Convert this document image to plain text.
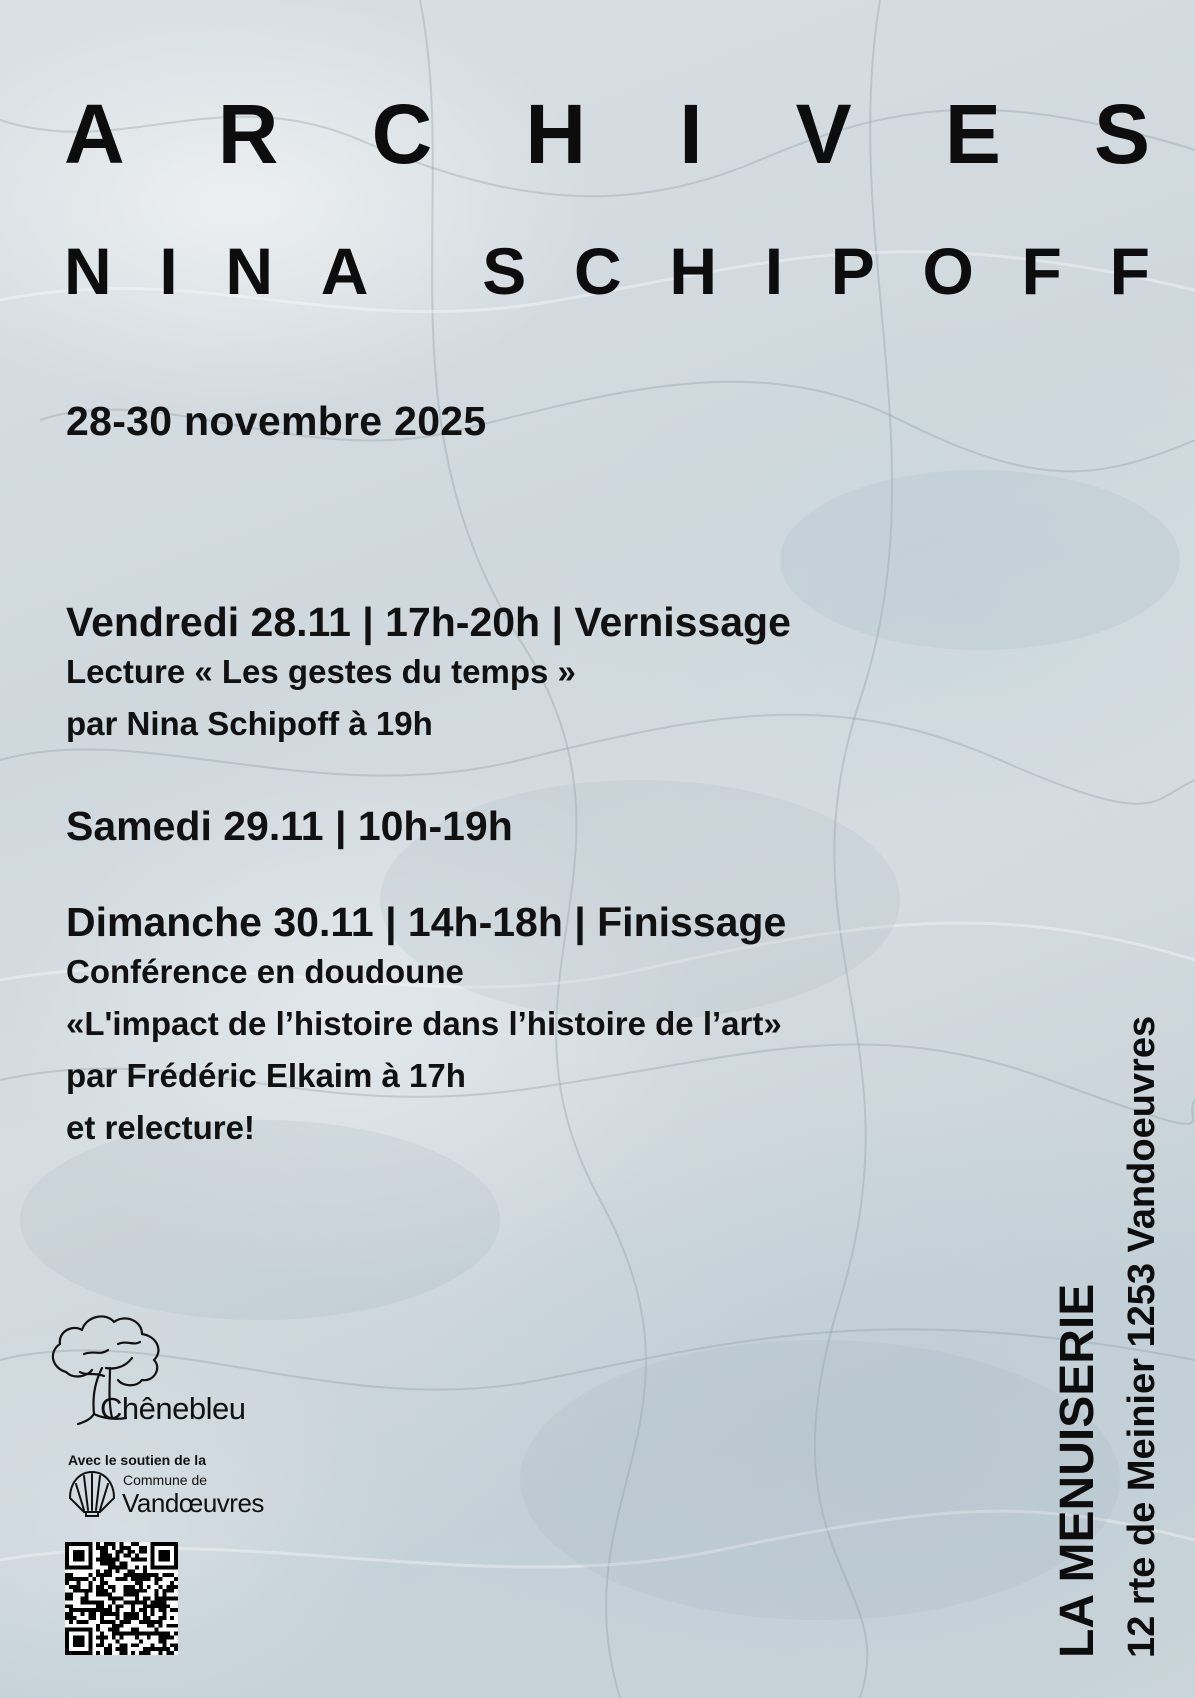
A R C H I V E S
N I N A
S C H I P O F F
28-30 novembre 2025
Vendredi 28.11 | 17h-20h | Vernissage
Lecture « Les gestes du temps »
par Nina Schipoff à 19h
Samedi 29.11 | 10h-19h
Dimanche 30.11 | 14h-18h | Finissage
Conférence en doudoune
«L'impact de l’histoire dans l’histoire de l’art»
par Frédéric Elkaim à 17h
et relecture!
LA MENUISERIE 12 rte de Meinier 1253 Vandoeuvres
Chênebleu
Avec le soutien de la
Commune de
Vandœuvres
